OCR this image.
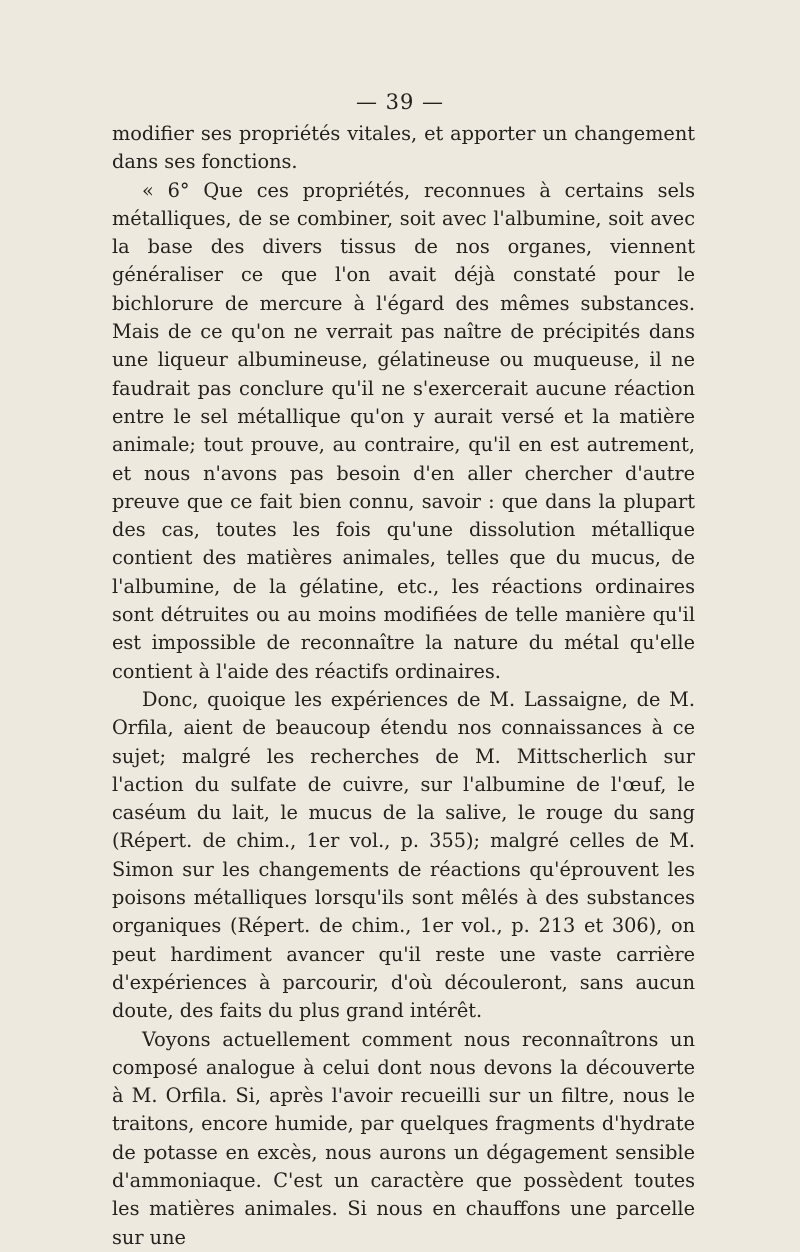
— 39 —

modifier ses propriétés vitales, et apporter un changement dans ses fonctions.

« 6° Que ces propriétés, reconnues à certains sels métalliques, de se combiner, soit avec l'albumine, soit avec la base des divers tissus de nos organes, viennent généraliser ce que l'on avait déjà constaté pour le bichlorure de mercure à l'égard des mêmes substances. Mais de ce qu'on ne verrait pas naître de précipités dans une liqueur albumineuse, gélatineuse ou muqueuse, il ne faudrait pas conclure qu'il ne s'exercerait aucune réaction entre le sel métallique qu'on y aurait versé et la matière animale; tout prouve, au contraire, qu'il en est autrement, et nous n'avons pas besoin d'en aller chercher d'autre preuve que ce fait bien connu, savoir : que dans la plupart des cas, toutes les fois qu'une dissolution métallique contient des matières animales, telles que du mucus, de l'albumine, de la gélatine, etc., les réactions ordinaires sont détruites ou au moins modifiées de telle manière qu'il est impossible de reconnaître la nature du métal qu'elle contient à l'aide des réactifs ordinaires.

Donc, quoique les expériences de M. Lassaigne, de M. Orfila, aient de beaucoup étendu nos connaissances à ce sujet; malgré les recherches de M. Mittscherlich sur l'action du sulfate de cuivre, sur l'albumine de l'œuf, le caséum du lait, le mucus de la salive, le rouge du sang (Répert. de chim., 1er vol., p. 355); malgré celles de M. Simon sur les changements de réactions qu'éprouvent les poisons métalliques lorsqu'ils sont mêlés à des substances organiques (Répert. de chim., 1er vol., p. 213 et 306), on peut hardiment avancer qu'il reste une vaste carrière d'expériences à parcourir, d'où découleront, sans aucun doute, des faits du plus grand intérêt.

Voyons actuellement comment nous reconnaîtrons un composé analogue à celui dont nous devons la découverte à M. Orfila. Si, après l'avoir recueilli sur un filtre, nous le traitons, encore humide, par quelques fragments d'hydrate de potasse en excès, nous aurons un dégagement sensible d'ammoniaque. C'est un caractère que possèdent toutes les matières animales. Si nous en chauffons une parcelle sur une
